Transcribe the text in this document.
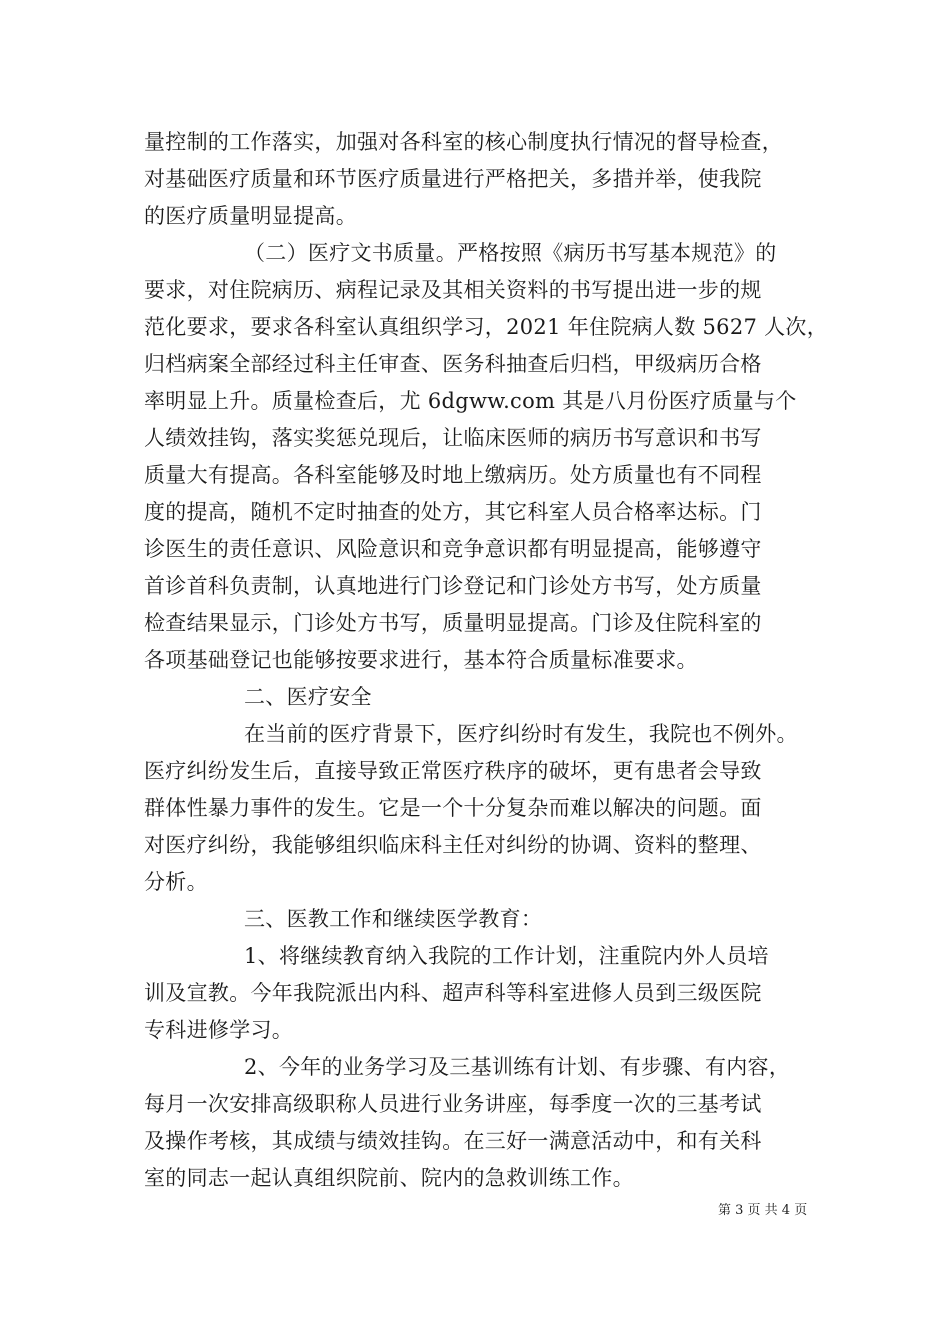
量控制的工作落实，加强对各科室的核心制度执行情况的督导检查，
对基础医疗质量和环节医疗质量进行严格把关，多措并举，使我院
的医疗质量明显提高。
（二）医疗文书质量。严格按照《病历书写基本规范》的
要求，对住院病历、病程记录及其相关资料的书写提出进一步的规
范化要求，要求各科室认真组织学习，2021 年住院病人数 5627 人次，
归档病案全部经过科主任审查、医务科抽查后归档，甲级病历合格
率明显上升。质量检查后，尤 6dgww.com 其是八月份医疗质量与个
人绩效挂钩，落实奖惩兑现后，让临床医师的病历书写意识和书写
质量大有提高。各科室能够及时地上缴病历。处方质量也有不同程
度的提高，随机不定时抽查的处方，其它科室人员合格率达标。门
诊医生的责任意识、风险意识和竞争意识都有明显提高，能够遵守
首诊首科负责制，认真地进行门诊登记和门诊处方书写，处方质量
检查结果显示，门诊处方书写，质量明显提高。门诊及住院科室的
各项基础登记也能够按要求进行，基本符合质量标准要求。
二、医疗安全
在当前的医疗背景下，医疗纠纷时有发生，我院也不例外。
医疗纠纷发生后，直接导致正常医疗秩序的破坏，更有患者会导致
群体性暴力事件的发生。它是一个十分复杂而难以解决的问题。面
对医疗纠纷，我能够组织临床科主任对纠纷的协调、资料的整理、
分析。
三、医教工作和继续医学教育：
1、将继续教育纳入我院的工作计划，注重院内外人员培
训及宣教。今年我院派出内科、超声科等科室进修人员到三级医院
专科进修学习。
2、今年的业务学习及三基训练有计划、有步骤、有内容，
每月一次安排高级职称人员进行业务讲座，每季度一次的三基考试
及操作考核，其成绩与绩效挂钩。在三好一满意活动中，和有关科
室的同志一起认真组织院前、院内的急救训练工作。
第 3 页 共 4 页
